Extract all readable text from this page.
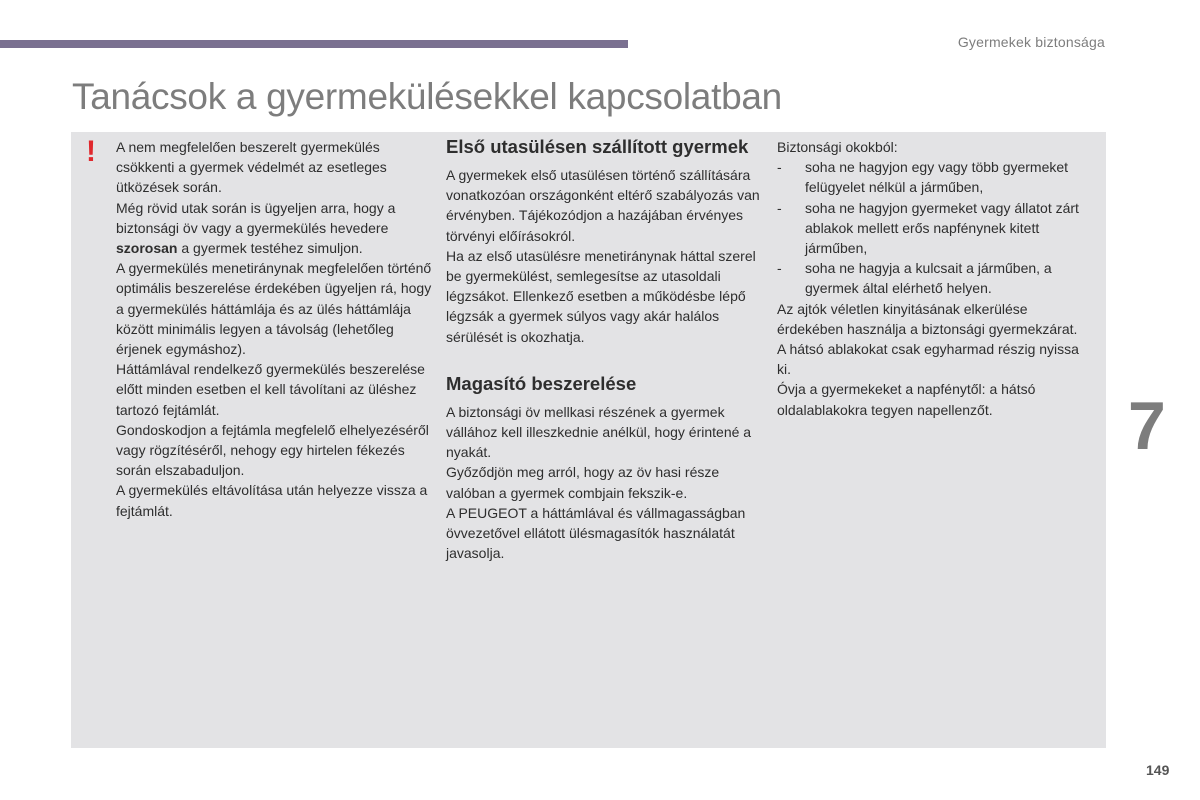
Gyermekek biztonsága
Tanácsok a gyermekülésekkel kapcsolatban
! A nem megfelelően beszerelt gyermekülés csökkenti a gyermek védelmét az esetleges ütközések során.

Még rövid utak során is ügyeljen arra, hogy a biztonsági öv vagy a gyermekülés hevedere szorosan a gyermek testéhez simuljon.

A gyermekülés menetiránynak megfelelően történő optimális beszerelése érdekében ügyeljen rá, hogy a gyermekülés háttámlája és az ülés háttámlája között minimális legyen a távolság (lehetőleg érjenek egymáshoz).

Háttámlával rendelkező gyermekülés beszerelése előtt minden esetben el kell távolítani az üléshez tartozó fejtámlát.

Gondoskodjon a fejtámla megfelelő elhelyezéséről vagy rögzítéséről, nehogy egy hirtelen fékezés során elszabaduljon.

A gyermekülés eltávolítása után helyezze vissza a fejtámlát.

Első utasülésen szállított gyermek

A gyermekek első utasülésen történő szállítására vonatkozóan országonként eltérő szabályozás van érvényben. Tájékozódjon a hazájában érvényes törvényi előírásokról.

Ha az első utasülésre menetiránynak háttal szerel be gyermekülést, semlegesítse az utasoldali légzsákot. Ellenkező esetben a működésbe lépő légzsák a gyermek súlyos vagy akár halálos sérülését is okozhatja.

Magasító beszerelése

A biztonsági öv mellkasi részének a gyermek vállához kell illeszkednie anélkül, hogy érintené a nyakát.

Győződjön meg arról, hogy az öv hasi része valóban a gyermek combjain fekszik-e.

A PEUGEOT a háttámlával és vállmagasságban övvezetővel ellátott ülésmagasítók használatát javasolja.

Biztonsági okokból:

- soha ne hagyjon egy vagy több gyermeket felügyelet nélkül a járműben,
- soha ne hagyjon gyermeket vagy állatot zárt ablakok mellett erős napfénynek kitett járműben,
- soha ne hagyja a kulcsait a járműben, a gyermek által elérhető helyen.

Az ajtók véletlen kinyitásának elkerülése érdekében használja a biztonsági gyermekzárat.

A hátsó ablakokat csak egyharmad részig nyissa ki.

Óvja a gyermekeket a napfénytől: a hátsó oldalablakokra tegyen napellenzőt.	7
149
